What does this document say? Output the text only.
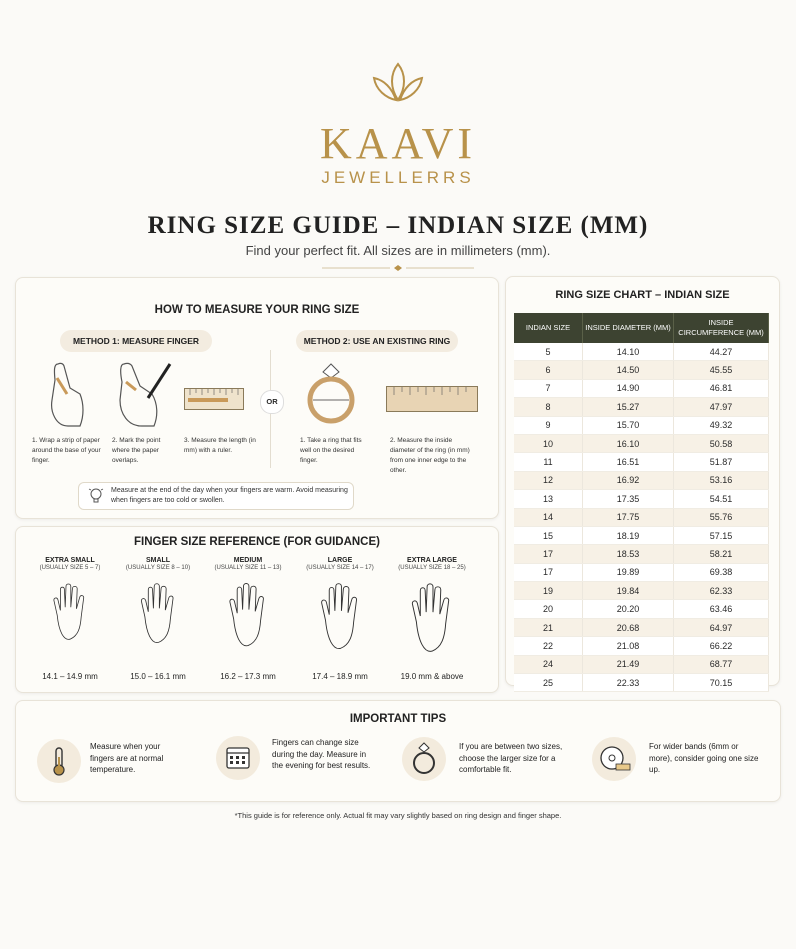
KAAVI
JEWELLERRS
RING SIZE GUIDE – INDIAN SIZE (MM)
Find your perfect fit. All sizes are in millimeters (mm).
HOW TO MEASURE YOUR RING SIZE
METHOD 1: MEASURE FINGER	METHOD 2: USE AN EXISTING RING
OR
1. Wrap a strip of paper around the base of your finger.
2. Mark the point where the paper overlaps.
3. Measure the length (in mm) with a ruler.
1. Take a ring that fits well on the desired finger.
2. Measure the inside diameter of the ring (in mm) from one inner edge to the other.
Measure at the end of the day when your fingers are warm. Avoid measuring when fingers are too cold or swollen.
FINGER SIZE REFERENCE (FOR GUIDANCE)
EXTRA SMALL
(USUALLY SIZE 5 – 7)
14.1 – 14.9 mm
SMALL
(USUALLY SIZE 8 – 10)
15.0 – 16.1 mm
MEDIUM
(USUALLY SIZE 11 – 13)
16.2 – 17.3 mm
LARGE
(USUALLY SIZE 14 – 17)
17.4 – 18.9 mm
EXTRA LARGE
(USUALLY SIZE 18 – 25)
19.0 mm & above
RING SIZE CHART – INDIAN SIZE
INDIAN SIZE	INSIDE DIAMETER (MM)	INSIDE CIRCUMFERENCE (MM)
5	14.10	44.27
6	14.50	45.55
7	14.90	46.81
8	15.27	47.97
9	15.70	49.32
10	16.10	50.58
11	16.51	51.87
12	16.92	53.16
13	17.35	54.51
14	17.75	55.76
15	18.19	57.15
17	18.53	58.21
17	19.89	69.38
19	19.84	62.33
20	20.20	63.46
21	20.68	64.97
22	21.08	66.22
24	21.49	68.77
25	22.33	70.15
IMPORTANT TIPS
Measure when your fingers are at normal temperature.
Fingers can change size during the day. Measure in the evening for best results.
If you are between two sizes, choose the larger size for a comfortable fit.
For wider bands (6mm or more), consider going one size up.
*This guide is for reference only. Actual fit may vary slightly based on ring design and finger shape.
